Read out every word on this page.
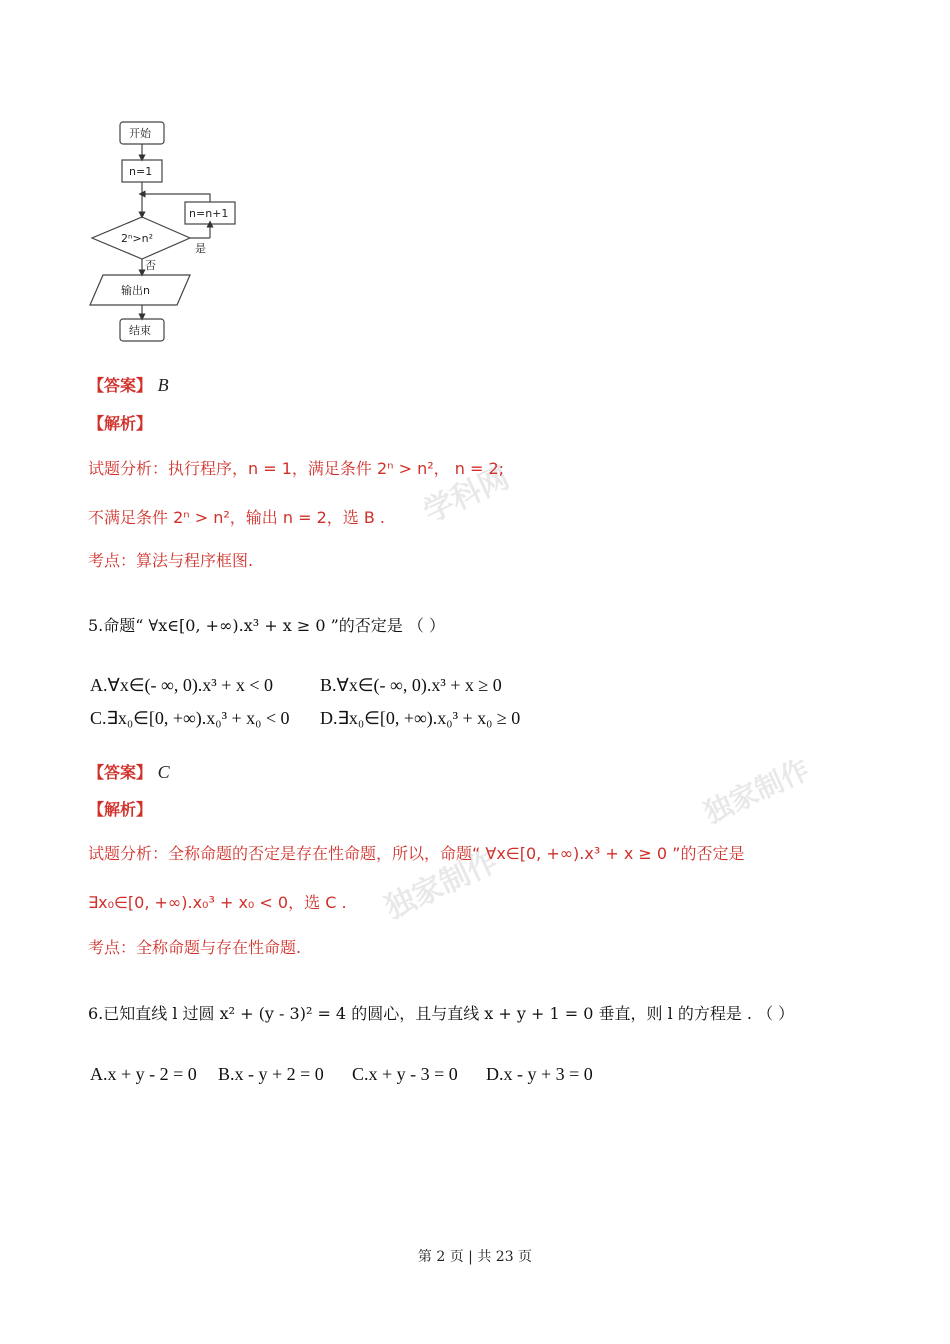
学科网
独家制作
独家制作
开始
n=1
n=n+1
2ⁿ>n²
是
否
输出n
结束
【答案】 B
【解析】
试题分析：执行程序，n = 1，满足条件 2ⁿ > n²， n = 2;
不满足条件 2ⁿ > n²，输出 n = 2，选 B .
考点：算法与程序框图.
5.命题“ ∀x∈[0, +∞).x³ + x ≥ 0 ”的否定是 （ ）
A.∀x∈(- ∞, 0).x³ + x < 0	B.∀x∈(- ∞, 0).x³ + x ≥ 0
C.∃x₀∈[0, +∞).x₀³ + x₀ < 0 D.∃x₀∈[0, +∞).x₀³ + x₀ ≥ 0
【答案】 C
【解析】
试题分析：全称命题的否定是存在性命题，所以，命题“ ∀x∈[0, +∞).x³ + x ≥ 0 ”的否定是
∃x₀∈[0, +∞).x₀³ + x₀ < 0，选 C .
考点：全称命题与存在性命题.
6.已知直线 l 过圆 x² + (y - 3)² = 4 的圆心，且与直线 x + y + 1 = 0 垂直，则 l 的方程是 . （ ）
A.x + y - 2 = 0 B.x - y + 2 = 0 C.x + y - 3 = 0 D.x - y + 3 = 0
第 2 页 | 共 23 页
